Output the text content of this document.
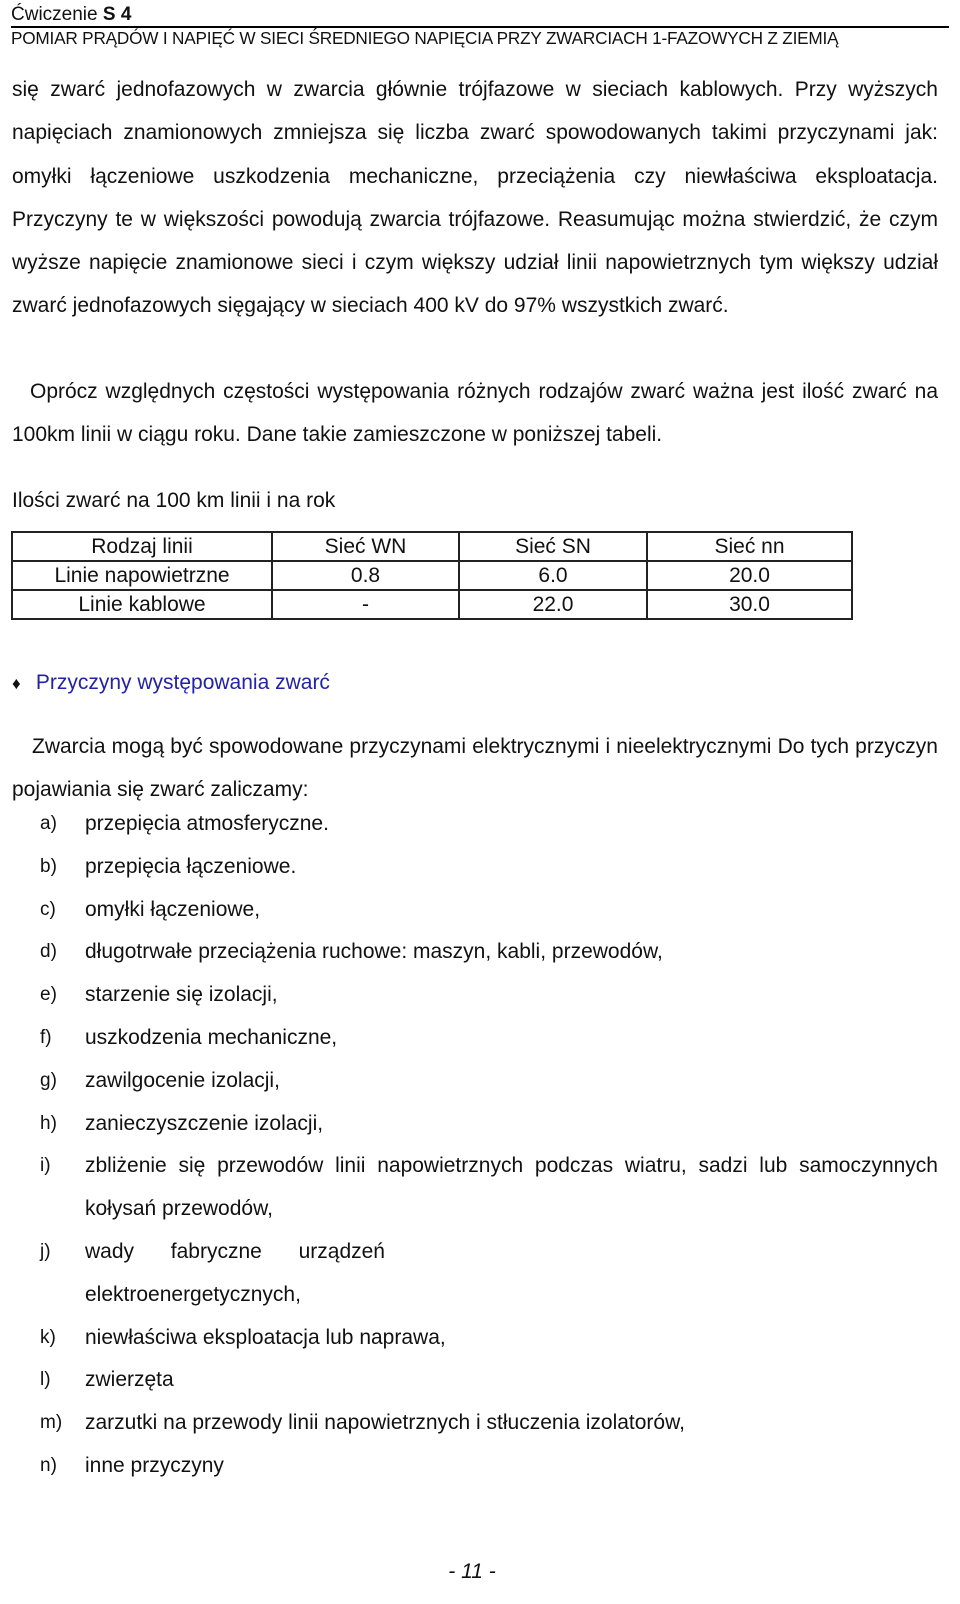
Ćwiczenie S 4
POMIAR PRĄDÓW I NAPIĘĆ W SIECI ŚREDNIEGO NAPIĘCIA PRZY ZWARCIACH 1-FAZOWYCH Z ZIEMIĄ
się zwarć jednofazowych w zwarcia głównie trójfazowe w sieciach kablowych. Przy wyższych napięciach znamionowych zmniejsza się liczba zwarć spowodowanych takimi przyczynami jak: omyłki łączeniowe uszkodzenia mechaniczne, przeciążenia czy niewłaściwa eksploatacja. Przyczyny te w większości powodują zwarcia trójfazowe. Reasumując można stwierdzić, że czym wyższe napięcie znamionowe sieci i czym większy udział linii napowietrznych tym większy udział zwarć jednofazowych sięgający w sieciach 400 kV do 97% wszystkich zwarć.
Oprócz względnych częstości występowania różnych rodzajów zwarć ważna jest ilość zwarć na 100km linii w ciągu roku. Dane takie zamieszczone w poniższej tabeli.
Ilości zwarć na 100 km linii i na rok
Rodzaj linii	Sieć WN	Sieć SN	Sieć nn
Linie napowietrzne	0.8	6.0	20.0
Linie kablowe	-	22.0	30.0
♦ Przyczyny występowania zwarć
Zwarcia mogą być spowodowane przyczynami elektrycznymi i nieelektrycznymi Do tych przyczyn pojawiania się zwarć zaliczamy:
a)	przepięcia atmosferyczne.
b)	przepięcia łączeniowe.
c)	omyłki łączeniowe,
d)	długotrwałe przeciążenia ruchowe: maszyn, kabli, przewodów,
e)	starzenie się izolacji,
f)	uszkodzenia mechaniczne,
g)	zawilgocenie izolacji,
h)	zanieczyszczenie izolacji,
i)	zbliżenie się przewodów linii napowietrznych podczas wiatru, sadzi lub samoczynnych kołysań przewodów,
j)	wady fabryczne urządzeń elektroenergetycznych,
k)	niewłaściwa eksploatacja lub naprawa,
l)	zwierzęta
m)	zarzutki na przewody linii napowietrznych i stłuczenia izolatorów,
n)	inne przyczyny
- 11 -
